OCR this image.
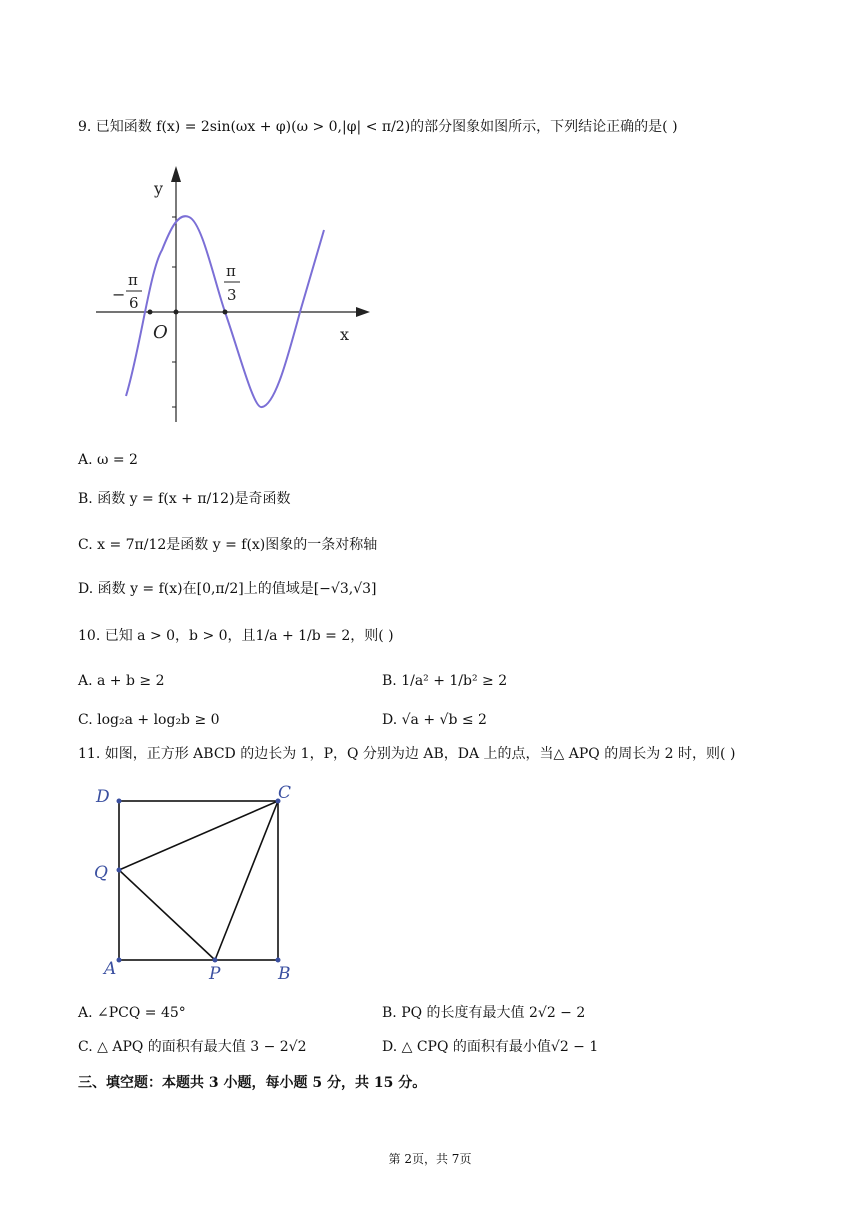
9. 已知函数 f(x) = 2sin(ωx + φ)(ω > 0,|φ| < π/2)的部分图象如图所示，下列结论正确的是( )
y
x
O
−
π
6
π
3
A. ω = 2
B. 函数 y = f(x + π/12)是奇函数
C. x = 7π/12是函数 y = f(x)图象的一条对称轴
D. 函数 y = f(x)在[0,π/2]上的值域是[−√3,√3]
10. 已知 a > 0，b > 0，且1/a + 1/b = 2，则( )
A. a + b ≥ 2	B. 1/a² + 1/b² ≥ 2
C. log₂a + log₂b ≥ 0	D. √a + √b ≤ 2
11. 如图，正方形 ABCD 的边长为 1，P，Q 分别为边 AB，DA 上的点，当△ APQ 的周长为 2 时，则( )
D	C
Q
A	P	B
A. ∠PCQ = 45°	B. PQ 的长度有最大值 2√2 − 2
C. △ APQ 的面积有最大值 3 − 2√2	D. △ CPQ 的面积有最小值√2 − 1
三、填空题：本题共 3 小题，每小题 5 分，共 15 分。
第 2页，共 7页
